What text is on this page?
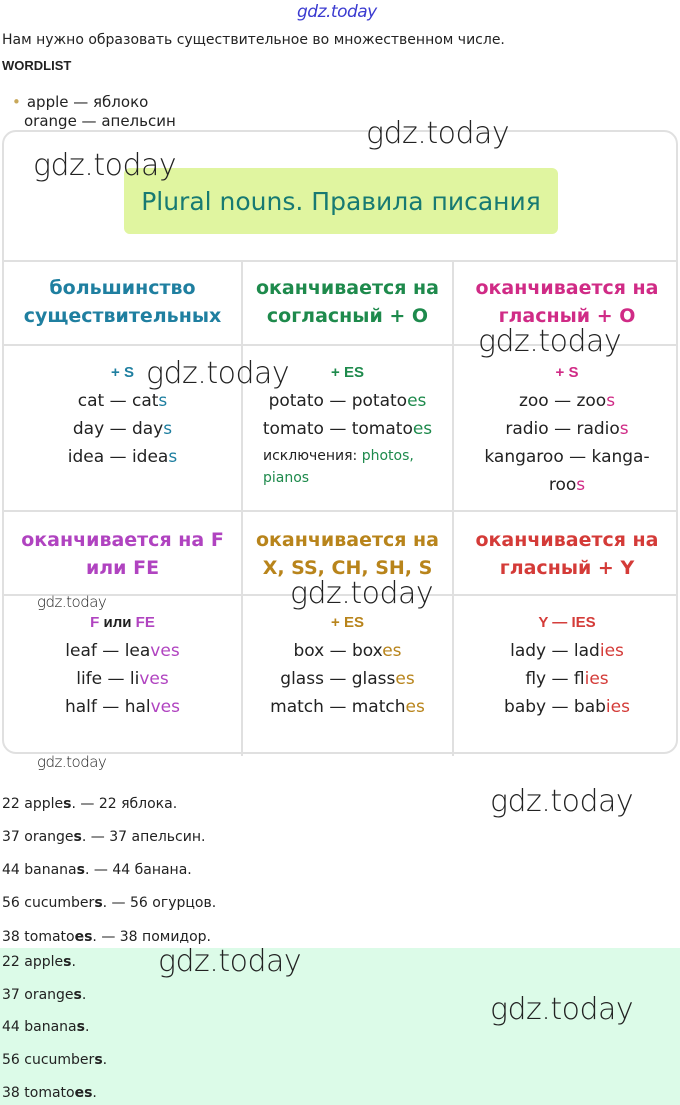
gdz.today
Нам нужно образовать существительное во множественном числе.
WORDLIST
• apple — яблоко
orange — апельсин
Plural nouns. Правила писания
большинство существительных
оканчивается на согласный + O
оканчивается на гласный + O
+ S
cat — cats
day — days
idea — ideas
+ ES
potato — potatoes
tomato — tomatoes
исключения: photos,
pianos
+ S
zoo — zoos
radio — radios
kangaroo — kanga-
roos
оканчивается на F или FE
оканчивается на X, SS, CH, SH, S
оканчивается на гласный + Y
F или FE
leaf — leaves
life — lives
half — halves
+ ES
box — boxes
glass — glasses
match — matches
Y — IES
lady — ladies
fly — flies
baby — babies
gdz.today
gdz.today
gdz.today
gdz.today
gdz.today
gdz.today
gdz.today
gdz.today
22 apples. — 22 яблока.
37 oranges. — 37 апельсин.
44 bananas. — 44 банана.
56 cucumbers. — 56 огурцов.
38 tomatoes. — 38 помидор.
22 apples.
37 oranges.
44 bananas.
56 cucumbers.
38 tomatoes.
gdz.today
gdz.today
